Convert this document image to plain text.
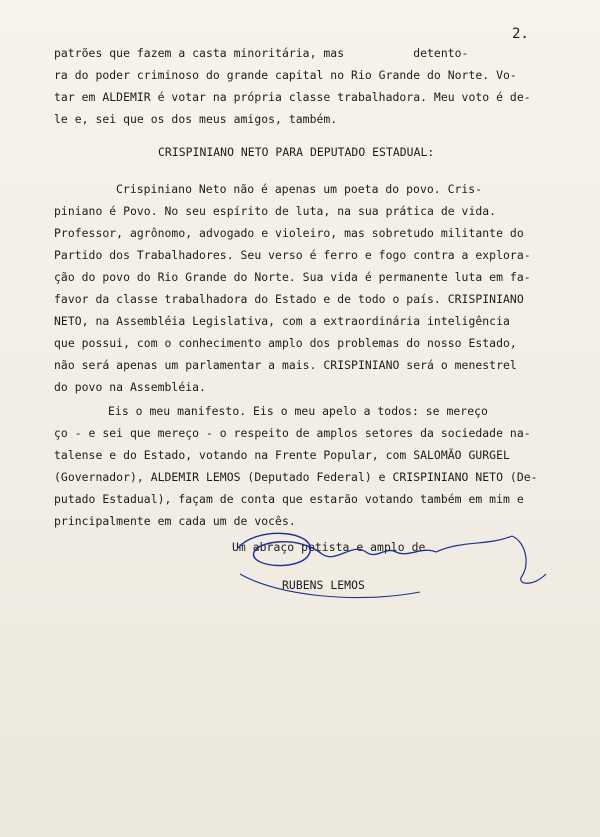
2.
patrões que fazem a casta minoritária, mas          detento-
ra do poder criminoso do grande capital no Rio Grande do Norte. Vo-
tar em ALDEMIR é votar na própria classe trabalhadora. Meu voto é de-
le e, sei que os dos meus amigos, também.
CRISPINIANO NETO PARA DEPUTADO ESTADUAL:
Crispiniano Neto não é apenas um poeta do povo. Cris-
piniano é Povo. No seu espírito de luta, na sua prática de vida.
Professor, agrônomo, advogado e violeiro, mas sobretudo militante do
Partido dos Trabalhadores. Seu verso é ferro e fogo contra a explora-
ção do povo do Rio Grande do Norte. Sua vida é permanente luta em fa-
favor da classe trabalhadora do Estado e de todo o país. CRISPINIANO
NETO, na Assembléia Legislativa, com a extraordinária inteligência
que possui, com o conhecimento amplo dos problemas do nosso Estado,
não será apenas um parlamentar a mais. CRISPINIANO será o menestrel
do povo na Assembléia.
Eis o meu manifesto. Eis o meu apelo a todos: se mereço
ço - e sei que mereço - o respeito de amplos setores da sociedade na-
talense e do Estado, votando na Frente Popular, com SALOMÃO GURGEL
(Governador), ALDEMIR LEMOS (Deputado Federal) e CRISPINIANO NETO (De-
putado Estadual), façam de conta que estarão votando também em mim e
principalmente em cada um de vocês.
Um abraço petista e amplo de
RUBENS LEMOS
